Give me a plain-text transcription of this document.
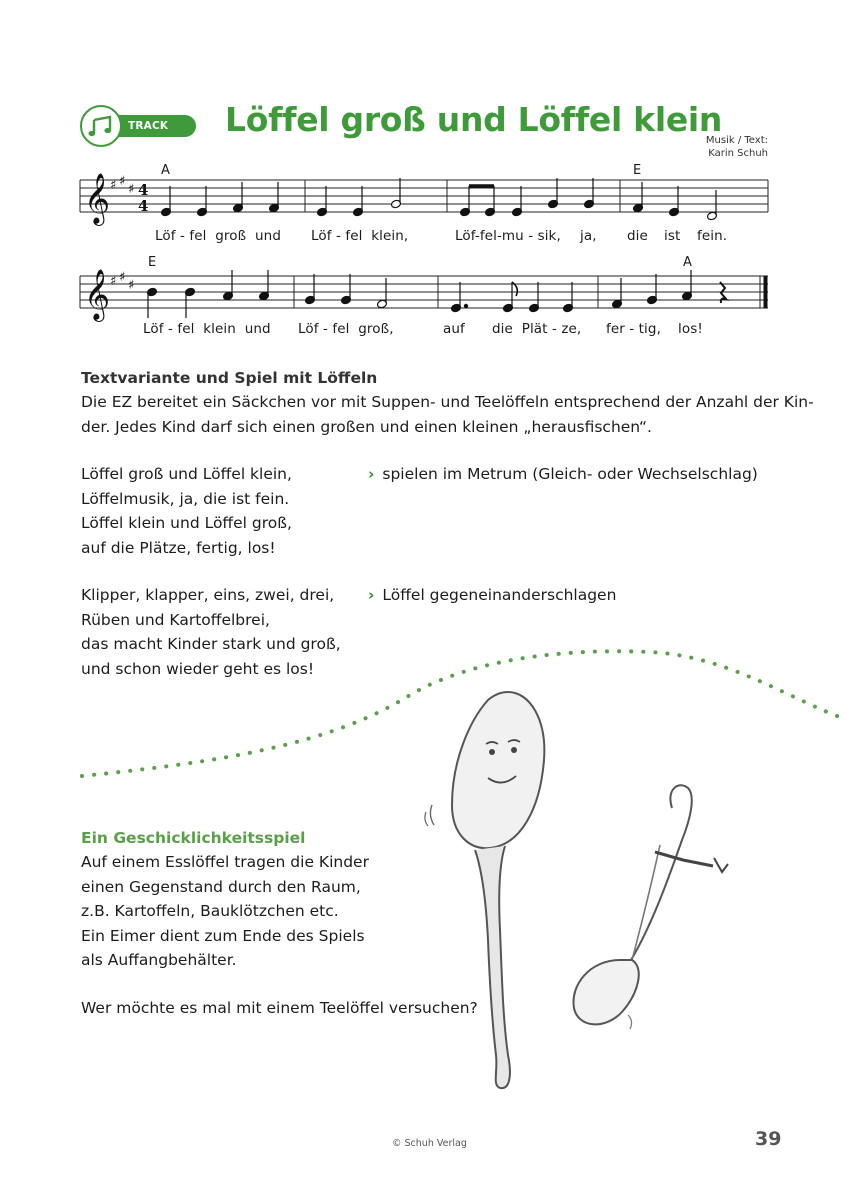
TRACK 35/36
Löffel groß und Löffel klein
Musik / Text:
Karin Schuh
𝄞
𝄞
♯ ♯
♯
♯ ♯
♯
4
4
A	E
E	A
Löf - fel  groß  und Löf - fel  klein,	Löf-fel-mu - sik, ja, die ist fein.
Löf - fel  klein  und Löf - fel  groß,	auf die  Plät - ze, fer - tig, los!
Textvariante und Spiel mit Löffeln
Die EZ bereitet ein Säckchen vor mit Suppen- und Teelöffeln entsprechend der Anzahl der Kin-
der. Jedes Kind darf sich einen großen und einen kleinen „herausfischen“.
Löffel groß und Löffel klein,
Löffelmusik, ja, die ist fein.
Löffel klein und Löffel groß,
auf die Plätze, fertig, los!
› spielen im Metrum (Gleich- oder Wechselschlag)
Klipper, klapper, eins, zwei, drei,
Rüben und Kartoffelbrei,
das macht Kinder stark und groß,
und schon wieder geht es los!
› Löffel gegeneinanderschlagen
Ein Geschicklichkeitsspiel
Auf einem Esslöffel tragen die Kinder
einen Gegenstand durch den Raum,
z.B. Kartoffeln, Bauklötzchen etc.
Ein Eimer dient zum Ende des Spiels
als Auffangbehälter.
Wer möchte es mal mit einem Teelöffel versuchen?
© Schuh Verlag	39
